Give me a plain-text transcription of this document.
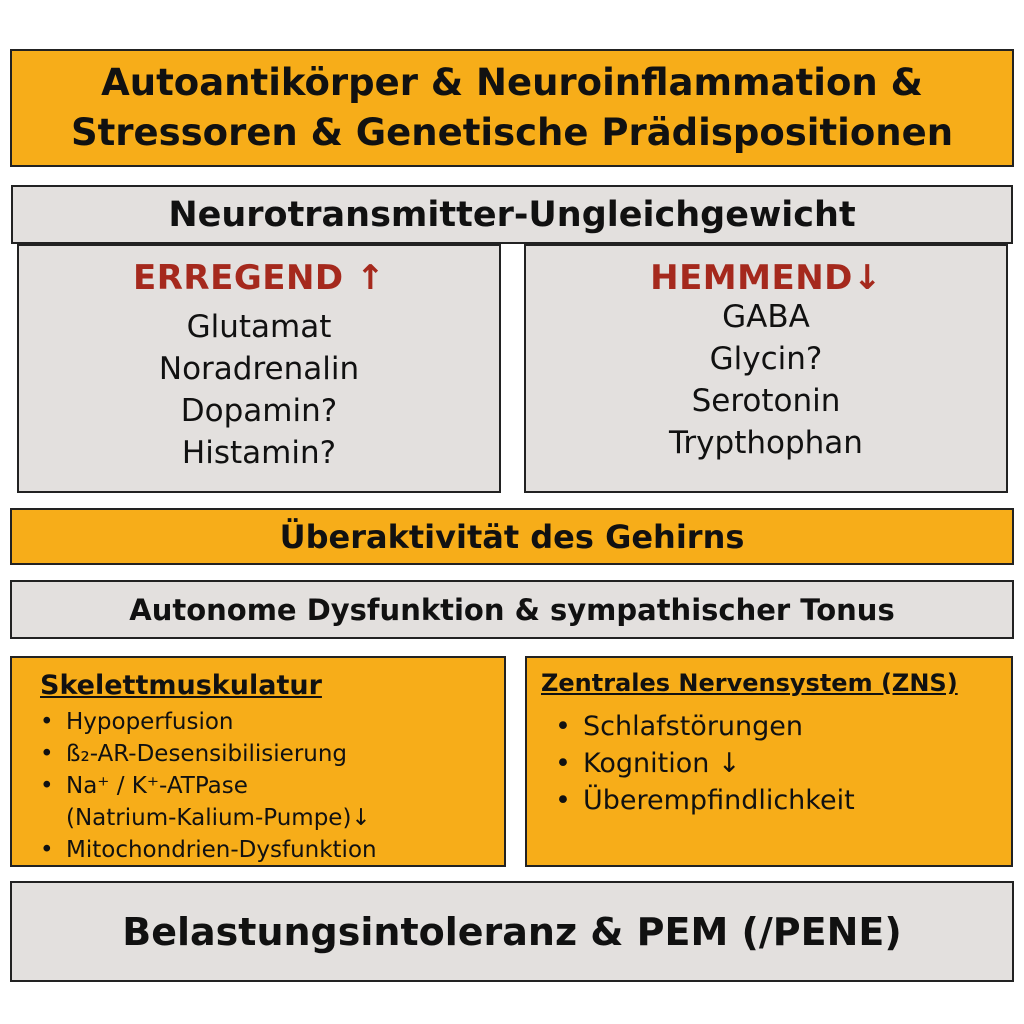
Autoantikörper & Neuroinflammation &
Stressoren & Genetische Prädispositionen
Neurotransmitter-Ungleichgewicht
ERREGEND ↑
Glutamat
Noradrenalin
Dopamin?
Histamin?
HEMMEND↓
GABA
Glycin?
Serotonin
Trypthophan
Überaktivität des Gehirns
Autonome Dysfunktion & sympathischer Tonus
Skelettmuskulatur
• Hypoperfusion
• ß₂-AR-Desensibilisierung
• Na⁺ / K⁺-ATPase
(Natrium-Kalium-Pumpe)↓
• Mitochondrien-Dysfunktion
Zentrales Nervensystem (ZNS)
• Schlafstörungen
• Kognition ↓
• Überempfindlichkeit
Belastungsintoleranz & PEM (/PENE)
